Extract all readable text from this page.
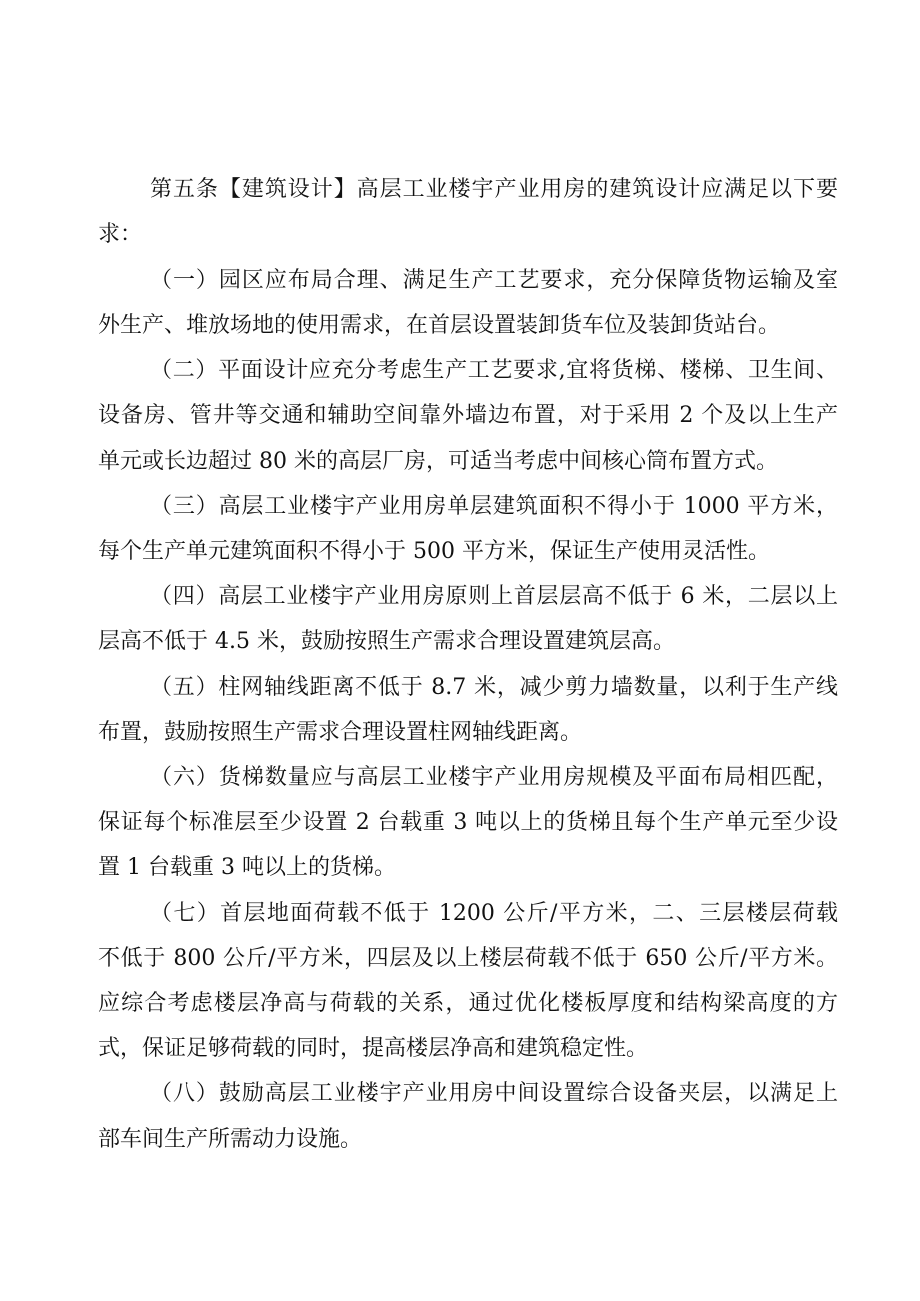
第五条【建筑设计】高层工业楼宇产业用房的建筑设计应满足以下要

求：

（一）园区应布局合理、满足生产工艺要求，充分保障货物运输及室

外生产、堆放场地的使用需求，在首层设置装卸货车位及装卸货站台。

（二）平面设计应充分考虑生产工艺要求,宜将货梯、楼梯、卫生间、

设备房、管井等交通和辅助空间靠外墙边布置，对于采用 2 个及以上生产

单元或长边超过 80 米的高层厂房，可适当考虑中间核心筒布置方式。

（三）高层工业楼宇产业用房单层建筑面积不得小于 1000 平方米，

每个生产单元建筑面积不得小于 500 平方米，保证生产使用灵活性。

（四）高层工业楼宇产业用房原则上首层层高不低于 6 米，二层以上

层高不低于 4.5 米，鼓励按照生产需求合理设置建筑层高。

（五）柱网轴线距离不低于 8.7 米，减少剪力墙数量，以利于生产线

布置，鼓励按照生产需求合理设置柱网轴线距离。

（六）货梯数量应与高层工业楼宇产业用房规模及平面布局相匹配，

保证每个标准层至少设置 2 台载重 3 吨以上的货梯且每个生产单元至少设

置 1 台载重 3 吨以上的货梯。

（七）首层地面荷载不低于 1200 公斤/平方米，二、三层楼层荷载

不低于 800 公斤/平方米，四层及以上楼层荷载不低于 650 公斤/平方米。

应综合考虑楼层净高与荷载的关系，通过优化楼板厚度和结构梁高度的方

式，保证足够荷载的同时，提高楼层净高和建筑稳定性。

（八）鼓励高层工业楼宇产业用房中间设置综合设备夹层，以满足上

部车间生产所需动力设施。
